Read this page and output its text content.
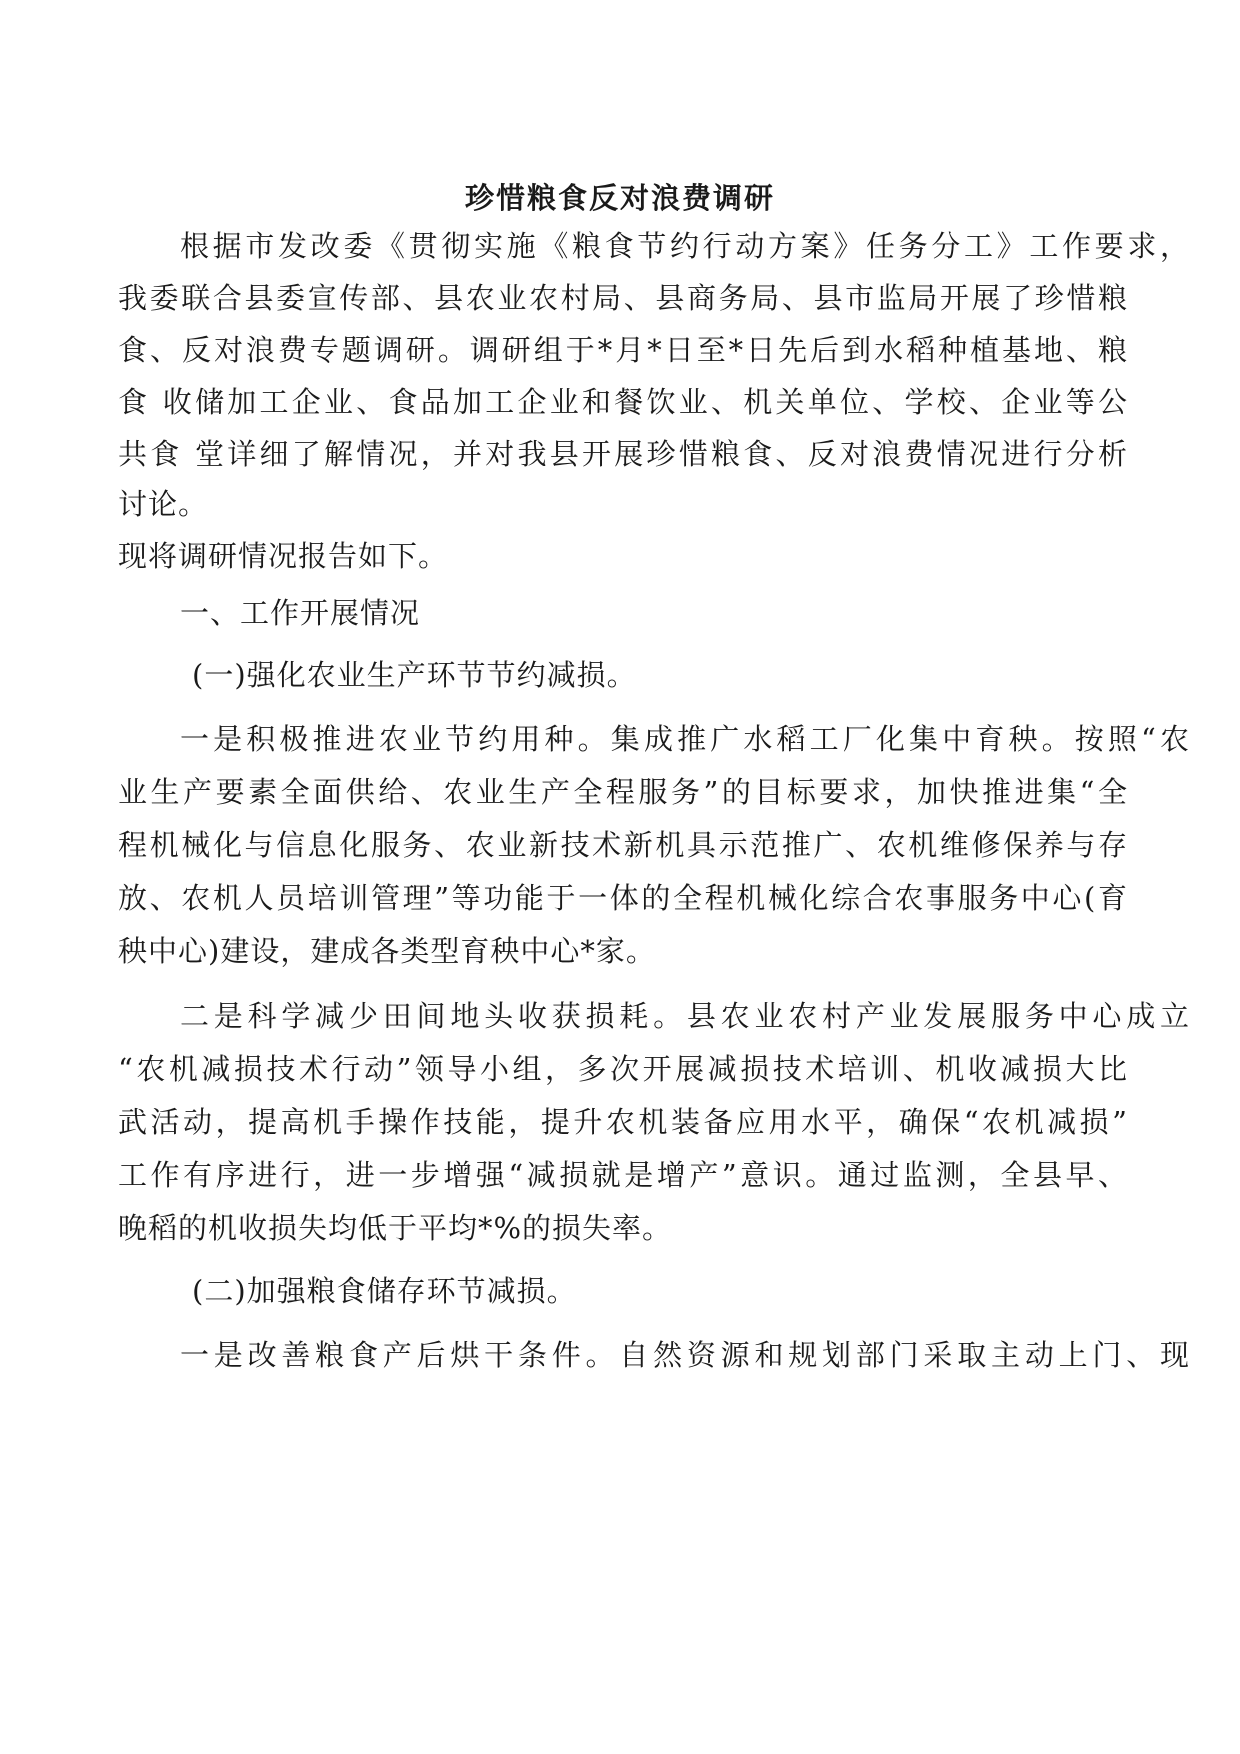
珍惜粮食反对浪费调研
根据市发改委《贯彻实施《粮食节约行动方案》任务分工》工作要求，
我委联合县委宣传部、县农业农村局、县商务局、县市监局开展了珍惜粮
食、反对浪费专题调研。调研组于*月*日至*日先后到水稻种植基地、粮
食 收储加工企业、食品加工企业和餐饮业、机关单位、学校、企业等公
共食 堂详细了解情况，并对我县开展珍惜粮食、反对浪费情况进行分析
讨论。
现将调研情况报告如下。
一、工作开展情况
(一)强化农业生产环节节约减损。
一是积极推进农业节约用种。集成推广水稻工厂化集中育秧。按照“农
业生产要素全面供给、农业生产全程服务”的目标要求，加快推进集“全
程机械化与信息化服务、农业新技术新机具示范推广、农机维修保养与存
放、农机人员培训管理”等功能于一体的全程机械化综合农事服务中心(育
秧中心)建设，建成各类型育秧中心*家。
二是科学减少田间地头收获损耗。县农业农村产业发展服务中心成立
“农机减损技术行动”领导小组，多次开展减损技术培训、机收减损大比
武活动，提高机手操作技能，提升农机装备应用水平，确保“农机减损”
工作有序进行，进一步增强“减损就是增产”意识。通过监测，全县早、
晚稻的机收损失均低于平均*%的损失率。
(二)加强粮食储存环节减损。
一是改善粮食产后烘干条件。自然资源和规划部门采取主动上门、现
